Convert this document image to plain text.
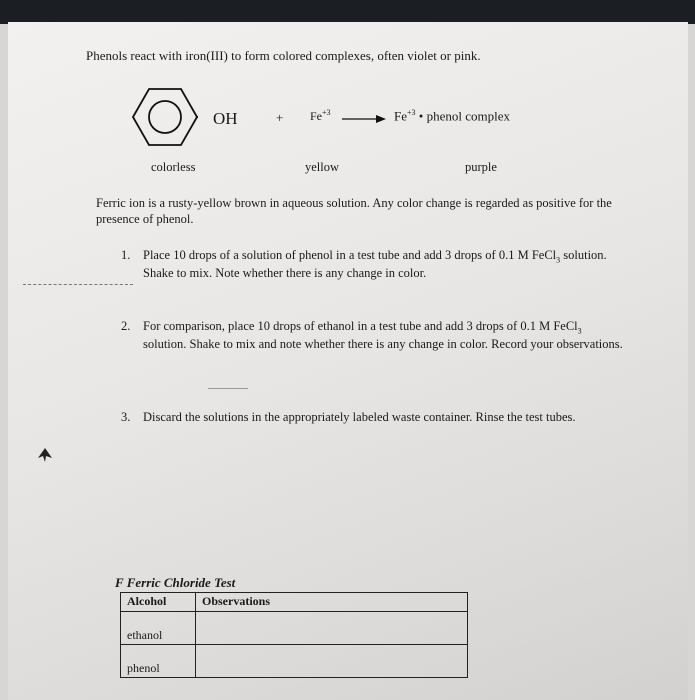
Phenols react with iron(III) to form colored complexes, often violet or pink.
OH	+ $Fe^{+3} \to Fe^{+3}$ • phenol complex
colorless	yellow	purple
Ferric ion is a rusty-yellow brown in aqueous solution. Any color change is regarded as positive for the presence of phenol.
1. Place 10 drops of a solution of phenol in a test tube and add 3 drops of 0.1 M FeCl$_3$ solution. Shake to mix. Note whether there is any change in color.
2. For comparison, place 10 drops of ethanol in a test tube and add 3 drops of 0.1 M FeCl$_3$ solution. Shake to mix and note whether there is any change in color. Record your observations.
3. Discard the solutions in the appropriately labeled waste container. Rinse the test tubes.
F Ferric Chloride Test
Alcohol	Observations
ethanol	
phenol	
